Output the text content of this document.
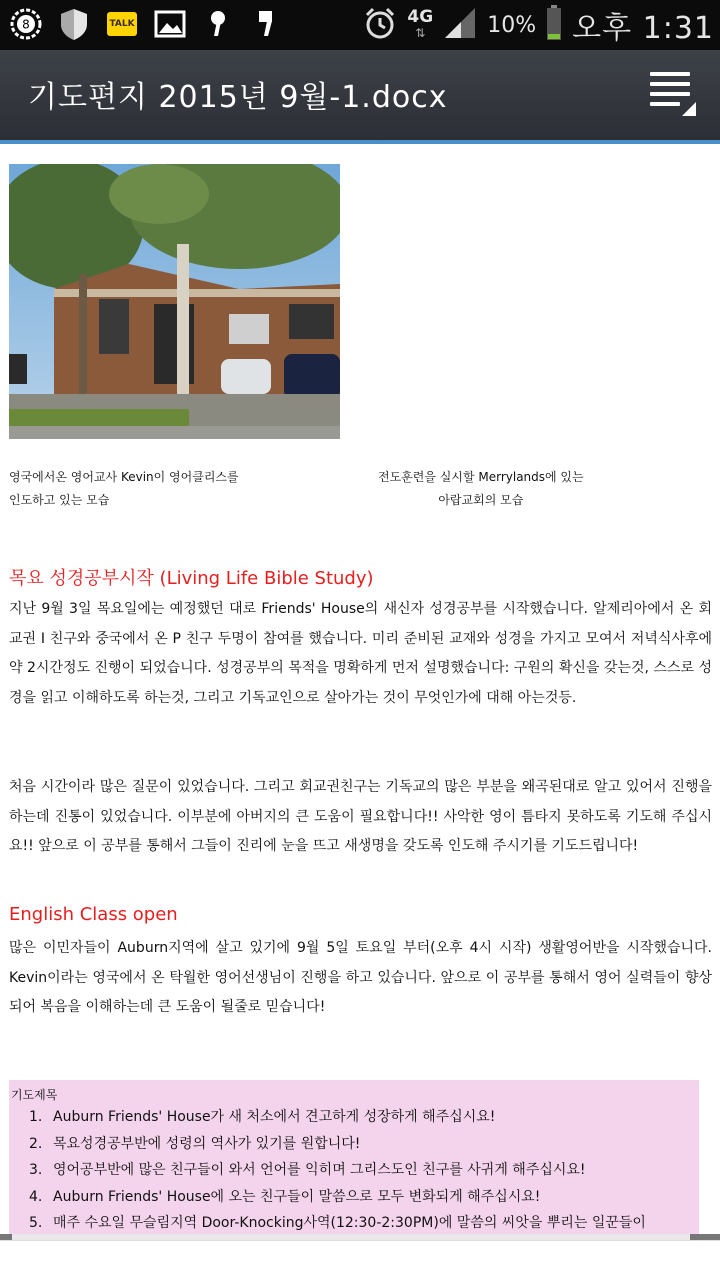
8	TALK	4G
⇅	10% 오후 1:31
기도편지 2015년 9월-1.docx
영국에서온 영어교사 Kevin이 영어클리스를
인도하고 있는 모습
전도훈련을 실시할 Merrylands에 있는
아랍교회의 모습
목요 성경공부시작 (Living Life Bible Study)
지난 9월 3일 목요일에는 예정했던 대로 Friends' House의 새신자 성경공부를 시작했습니다. 알제리아에서 온 회교권 I 친구와 중국에서 온 P 친구 두명이 참여를 했습니다. 미리 준비된 교재와 성경을 가지고 모여서 저녁식사후에 약 2시간정도 진행이 되었습니다. 성경공부의 목적을 명확하게 먼저 설명했습니다: 구원의 확신을 갖는것, 스스로 성경을 읽고 이해하도록 하는것, 그리고 기독교인으로 살아가는 것이 무엇인가에 대해 아는것등.
처음 시간이라 많은 질문이 있었습니다. 그리고 회교권친구는 기독교의 많은 부분을 왜곡된대로 알고 있어서 진행을 하는데 진통이 있었습니다. 이부분에 아버지의 큰 도움이 필요합니다!! 사악한 영이 틈타지 못하도록 기도해 주십시요!! 앞으로 이 공부를 통해서 그들이 진리에 눈을 뜨고 새생명을 갖도록 인도해 주시기를 기도드립니다!
English Class open
많은 이민자들이 Auburn지역에 살고 있기에 9월 5일 토요일 부터(오후 4시 시작) 생활영어반을 시작했습니다. Kevin이라는 영국에서 온 탁월한 영어선생님이 진행을 하고 있습니다. 앞으로 이 공부를 통해서 영어 실력들이 향상되어 복음을 이해하는데 큰 도움이 될줄로 믿습니다!
기도제목
1. Auburn Friends' House가 새 처소에서 견고하게 성장하게 해주십시요!
2. 목요성경공부반에 성령의 역사가 있기를 원합니다!
3. 영어공부반에 많은 친구들이 와서 언어를 익히며 그리스도인 친구를 사귀게 해주십시요!
4. Auburn Friends' House에 오는 친구들이 말씀으로 모두 변화되게 해주십시요!
5. 매주 수요일 무슬림지역 Door-Knocking사역(12:30-2:30PM)에 말씀의 씨앗을 뿌리는 일꾼들이
